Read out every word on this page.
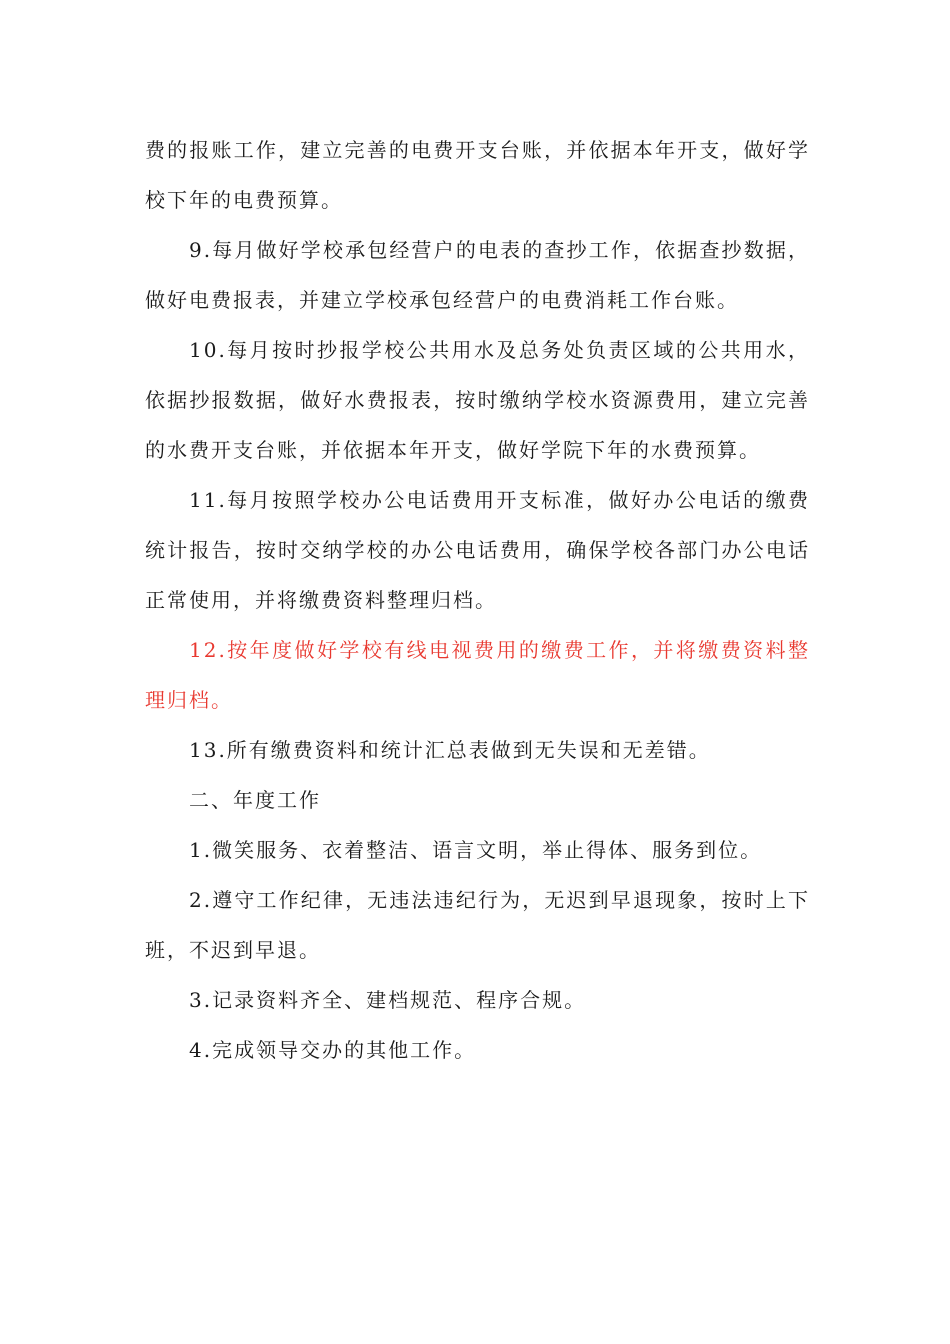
费的报账工作，建立完善的电费开支台账，并依据本年开支，做好学校下年的电费预算。

9.每月做好学校承包经营户的电表的查抄工作，依据查抄数据，做好电费报表，并建立学校承包经营户的电费消耗工作台账。

10.每月按时抄报学校公共用水及总务处负责区域的公共用水，依据抄报数据，做好水费报表，按时缴纳学校水资源费用，建立完善的水费开支台账，并依据本年开支，做好学院下年的水费预算。

11.每月按照学校办公电话费用开支标准，做好办公电话的缴费统计报告，按时交纳学校的办公电话费用，确保学校各部门办公电话正常使用，并将缴费资料整理归档。

12.按年度做好学校有线电视费用的缴费工作，并将缴费资料整理归档。

13.所有缴费资料和统计汇总表做到无失误和无差错。

二、年度工作

1.微笑服务、衣着整洁、语言文明，举止得体、服务到位。

2.遵守工作纪律，无违法违纪行为，无迟到早退现象，按时上下班，不迟到早退。

3.记录资料齐全、建档规范、程序合规。

4.完成领导交办的其他工作。
